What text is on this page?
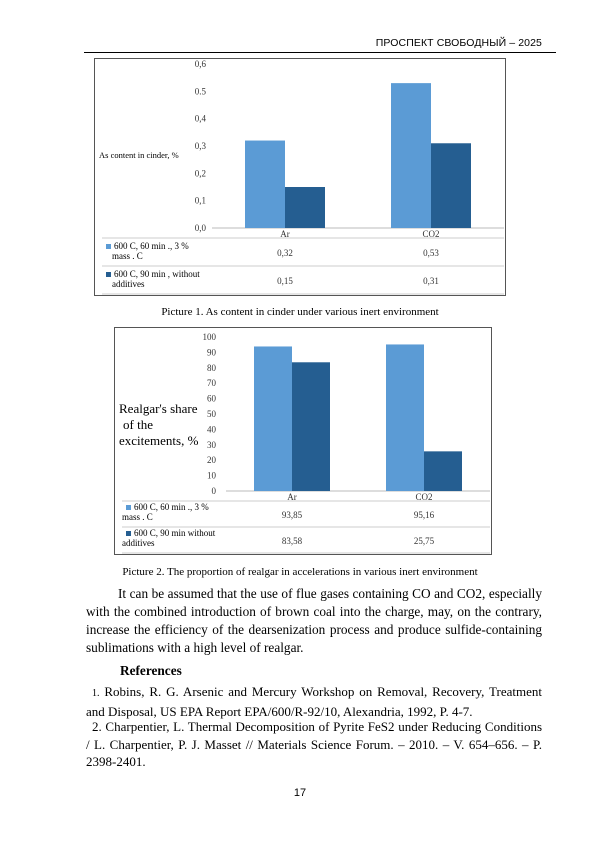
ПРОСПЕКТ СВОБОДНЫЙ – 2025
As content in cinder, %
0,0
0,1
0,2
0,3
0,4
0.5
0,6
Ar	CO2
600 C, 60 min ., 3 %
mass . C	0,32	0,53
600 C, 90 min , without
additives	0,15	0,31
Picture 1. As content in cinder under various inert environment
Realgar's share
of the
excitements, %
0
10
20
30
40
50
60
70
80
90
100
Ar	CO2
600 C, 60 min ., 3 %
mass . C	93,85	95,16
600 C, 90 min without
additives	83,58	25,75
Picture 2. The proportion of realgar in accelerations in various inert environment
It can be assumed that the use of flue gases containing CO and CO2, especially with the combined introduction of brown coal into the charge, may, on the contrary, increase the efficiency of the dearsenization process and produce sulfide-containing sublimations with a high level of realgar.
References
1. Robins, R. G. Arsenic and Mercury Workshop on Removal, Recovery, Treatment and Disposal, US EPA Report EPA/600/R-92/10, Alexandria, 1992, P. 4-7.
2. Charpentier, L. Thermal Decomposition of Pyrite FeS2 under Reducing Conditions / L. Charpentier, P. J. Masset // Materials Science Forum. – 2010. – V. 654–656. – P. 2398-2401.
17
